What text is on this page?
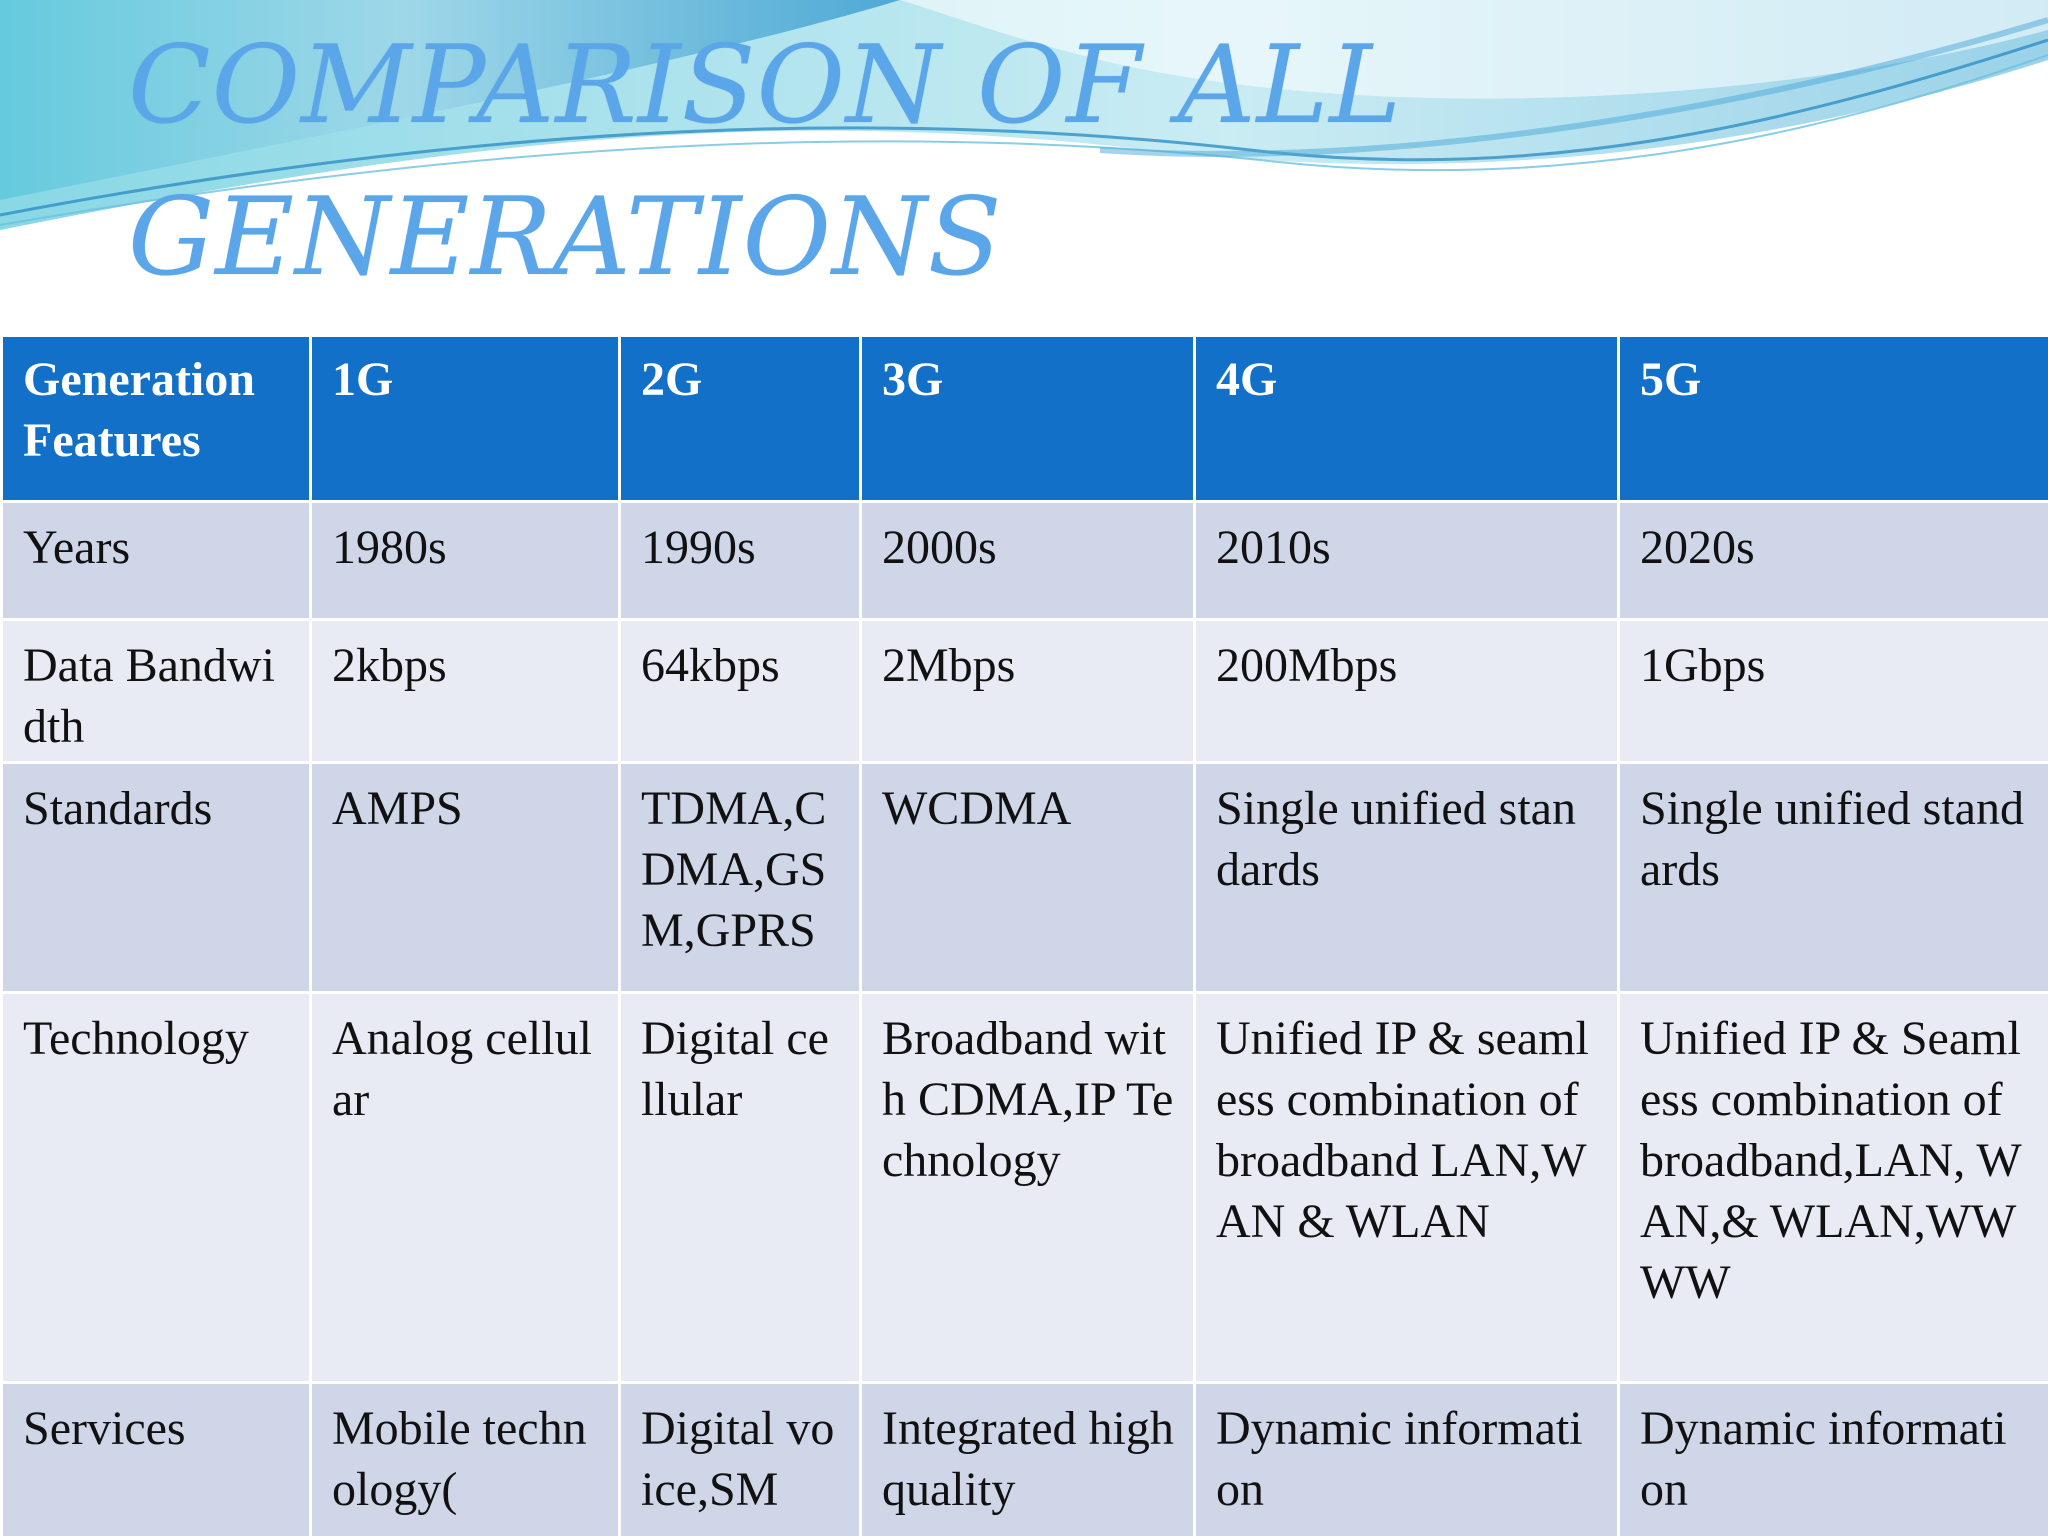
COMPARISON OF ALL
GENERATIONS
Generation Features	1G	2G	3G	4G	5G
Years	1980s	1990s	2000s	2010s	2020s
Data Bandwidth	2kbps	64kbps	2Mbps	200Mbps	1Gbps
Standards	AMPS	TDMA,CDMA,GSM,GPRS	WCDMA	Single unified standards	Single unified standards
Technology	Analog cellular	Digital cellular	Broadband with CDMA,IP Technology	Unified IP & seamless combination of broadband LAN,WAN & WLAN	Unified IP & Seamless combination of broadband,LAN, WAN,& WLAN,WWWW
Services	Mobile technology(	Digital voice,SM	Integrated high quality	Dynamic information	Dynamic information
